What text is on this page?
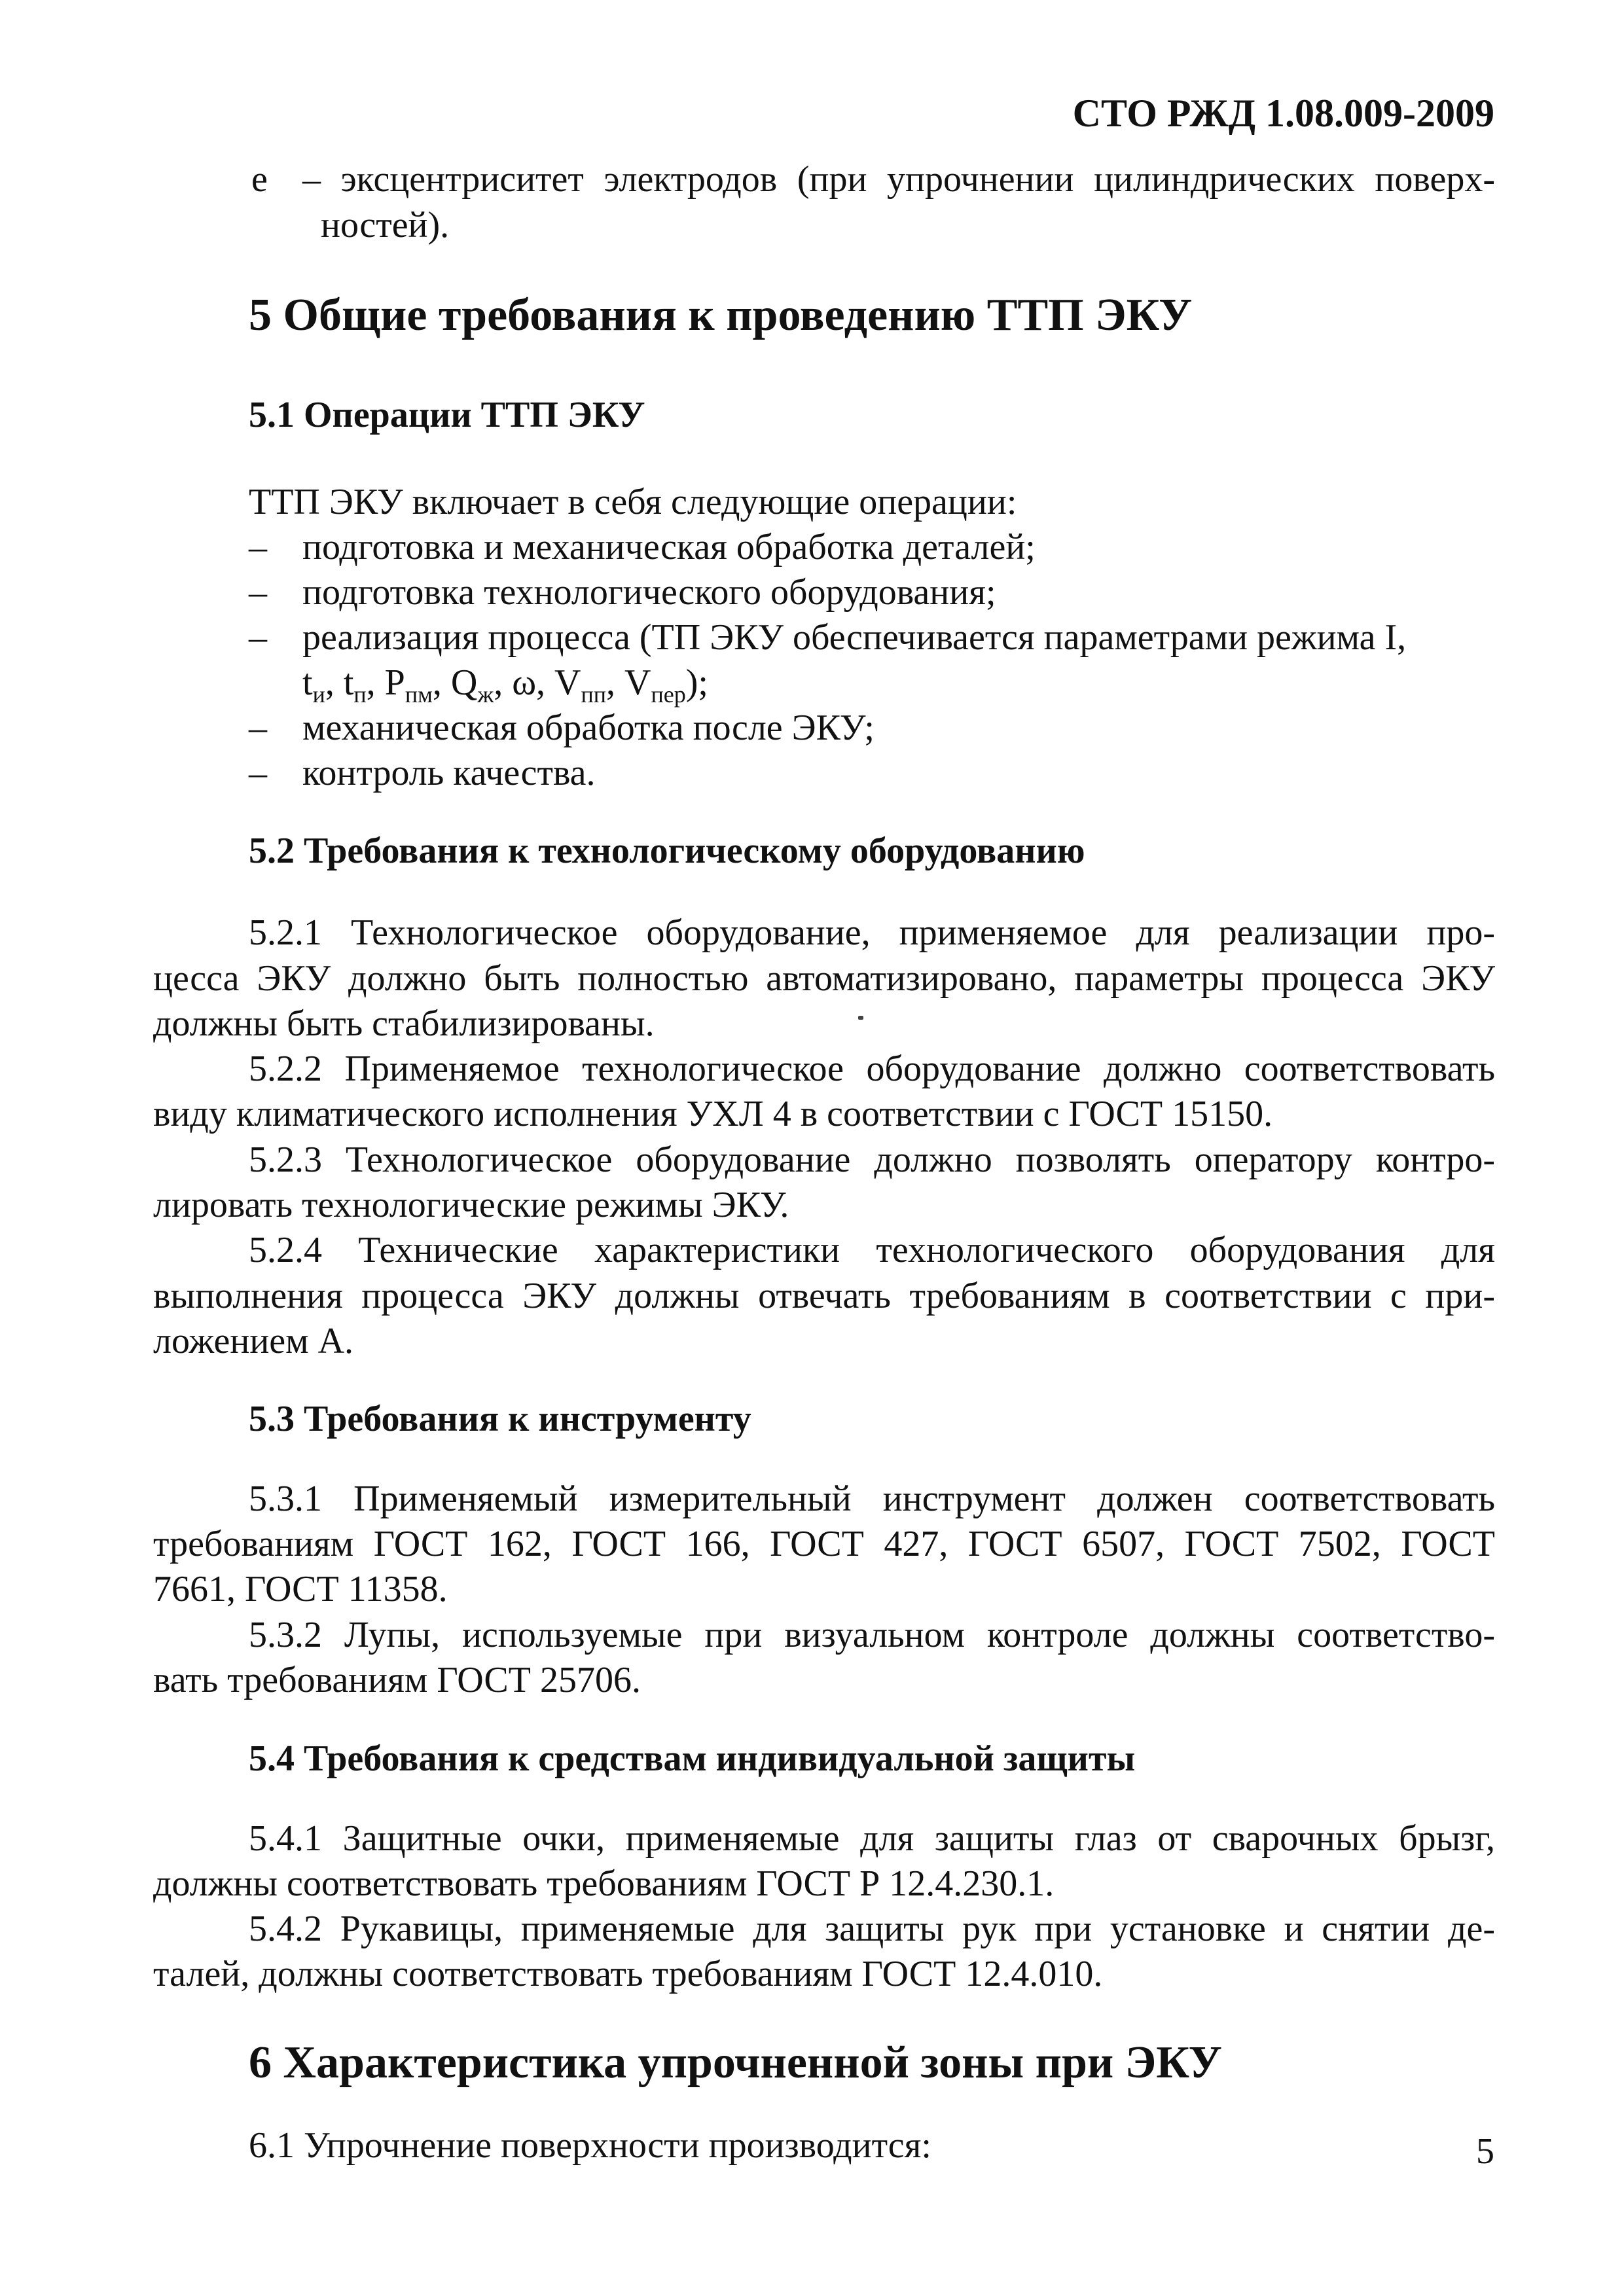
СТО РЖД 1.08.009-2009
e – эксцентриситет электродов (при упрочнении цилиндрических поверх-
ностей).
5 Общие требования к проведению ТТП ЭКУ
5.1 Операции ТТП ЭКУ
ТТП ЭКУ включает в себя следующие операции:
– подготовка и механическая обработка деталей;
– подготовка технологического оборудования;
– реализация процесса (ТП ЭКУ обеспечивается параметрами режима I,
$t_и$, $t_п$, $P_{пм}$, $Q_ж$, ω, $V_{пп}$, $V_{пер}$);
– механическая обработка после ЭКУ;
– контроль качества.
5.2 Требования к технологическому оборудованию
5.2.1 Технологическое оборудование, применяемое для реализации про-
цесса ЭКУ должно быть полностью автоматизировано, параметры процесса ЭКУ
должны быть стабилизированы.
5.2.2 Применяемое технологическое оборудование должно соответствовать
виду климатического исполнения УХЛ 4 в соответствии с ГОСТ 15150.
5.2.3 Технологическое оборудование должно позволять оператору контро-
лировать технологические режимы ЭКУ.
5.2.4 Технические характеристики технологического оборудования для
выполнения процесса ЭКУ должны отвечать требованиям в соответствии с при-
ложением А.
5.3 Требования к инструменту
5.3.1 Применяемый измерительный инструмент должен соответствовать
требованиям ГОСТ 162, ГОСТ 166, ГОСТ 427, ГОСТ 6507, ГОСТ 7502, ГОСТ
7661, ГОСТ 11358.
5.3.2 Лупы, используемые при визуальном контроле должны соответство-
вать требованиям ГОСТ 25706.
5.4 Требования к средствам индивидуальной защиты
5.4.1 Защитные очки, применяемые для защиты глаз от сварочных брызг,
должны соответствовать требованиям ГОСТ Р 12.4.230.1.
5.4.2 Рукавицы, применяемые для защиты рук при установке и снятии де-
талей, должны соответствовать требованиям ГОСТ 12.4.010.
6 Характеристика упрочненной зоны при ЭКУ
6.1 Упрочнение поверхности производится:	5
